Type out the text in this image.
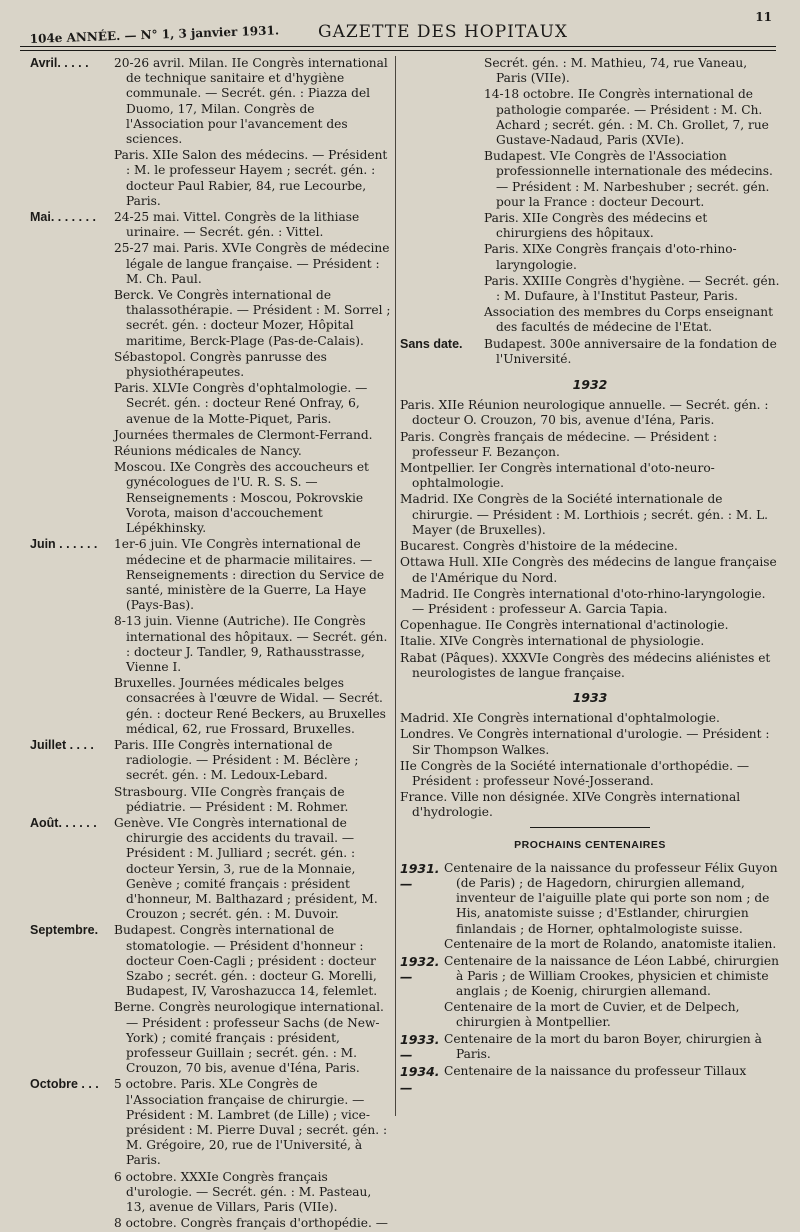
104e ANNÉE. — N° 1, 3 janvier 1931. GAZETTE DES HOPITAUX
11
Avril. . . . .	20-26 avril. Milan. IIe Congrès international de technique sanitaire et d'hygiène communale. — Secrét. gén. : Piazza del Duomo, 17, Milan. Congrès de l'Association pour l'avancement des sciences.
Paris. XIIe Salon des médecins. — Président : M. le professeur Hayem ; secrét. gén. : docteur Paul Rabier, 84, rue Lecourbe, Paris.
Mai. . . . . . .	24-25 mai. Vittel. Congrès de la lithiase urinaire. — Secrét. gén. : Vittel.
25-27 mai. Paris. XVIe Congrès de médecine légale de langue française. — Président : M. Ch. Paul.
Berck. Ve Congrès international de thalassothérapie. — Président : M. Sorrel ; secrét. gén. : docteur Mozer, Hôpital maritime, Berck-Plage (Pas-de-Calais).
Sébastopol. Congrès panrusse des physiothérapeutes.
Paris. XLVIe Congrès d'ophtalmologie. — Secrét. gén. : docteur René Onfray, 6, avenue de la Motte-Piquet, Paris.
Journées thermales de Clermont-Ferrand.
Réunions médicales de Nancy.
Moscou. IXe Congrès des accoucheurs et gynécologues de l'U. R. S. S. — Renseignements : Moscou, Pokrovskie Vorota, maison d'accouchement Lépékhinsky.
Juin . . . . . .	1er-6 juin. VIe Congrès international de médecine et de pharmacie militaires. — Renseignements : direction du Service de santé, ministère de la Guerre, La Haye (Pays-Bas).
8-13 juin. Vienne (Autriche). IIe Congrès international des hôpitaux. — Secrét. gén. : docteur J. Tandler, 9, Rathausstrasse, Vienne I.
Bruxelles. Journées médicales belges consacrées à l'œuvre de Widal. — Secrét. gén. : docteur René Beckers, au Bruxelles médical, 62, rue Frossard, Bruxelles.
Juillet . . . .	Paris. IIIe Congrès international de radiologie. — Président : M. Béclère ; secrét. gén. : M. Ledoux-Lebard.
Strasbourg. VIIe Congrès français de pédiatrie. — Président : M. Rohmer.
Août. . . . . .	Genève. VIe Congrès international de chirurgie des accidents du travail. — Président : M. Julliard ; secrét. gén. : docteur Yersin, 3, rue de la Monnaie, Genève ; comité français : président d'honneur, M. Balthazard ; président, M. Crouzon ; secrét. gén. : M. Duvoir.
Septembre.	Budapest. Congrès international de stomatologie. — Président d'honneur : docteur Coen-Cagli ; président : docteur Szabo ; secrét. gén. : docteur G. Morelli, Budapest, IV, Varoshazucca 14, felemlet.
Berne. Congrès neurologique international. — Président : professeur Sachs (de New-York) ; comité français : président, professeur Guillain ; secrét. gén. : M. Crouzon, 70 bis, avenue d'Iéna, Paris.
Octobre . . .	5 octobre. Paris. XLe Congrès de l'Association française de chirurgie. — Président : M. Lambret (de Lille) ; vice-président : M. Pierre Duval ; secrét. gén. : M. Grégoire, 20, rue de l'Université, à Paris.
6 octobre. XXXIe Congrès français d'urologie. — Secrét. gén. : M. Pasteau, 13, avenue de Villars, Paris (VIIe).
8 octobre. Congrès français d'orthopédie. —
Secrét. gén. : M. Mathieu, 74, rue Vaneau, Paris (VIIe).
14-18 octobre. IIe Congrès international de pathologie comparée. — Président : M. Ch. Achard ; secrét. gén. : M. Ch. Grollet, 7, rue Gustave-Nadaud, Paris (XVIe).
Budapest. VIe Congrès de l'Association professionnelle internationale des médecins. — Président : M. Narbeshuber ; secrét. gén. pour la France : docteur Decourt.
Paris. XIIe Congrès des médecins et chirurgiens des hôpitaux.
Paris. XIXe Congrès français d'oto-rhino-laryngologie.
Paris. XXIIIe Congrès d'hygiène. — Secrét. gén. : M. Dufaure, à l'Institut Pasteur, Paris.
Association des membres du Corps enseignant des facultés de médecine de l'Etat.
Sans date.	Budapest. 300e anniversaire de la fondation de l'Université.
1932
Paris. XIIe Réunion neurologique annuelle. — Secrét. gén. : docteur O. Crouzon, 70 bis, avenue d'Iéna, Paris.
Paris. Congrès français de médecine. — Président : professeur F. Bezançon.
Montpellier. Ier Congrès international d'oto-neuro-ophtalmologie.
Madrid. IXe Congrès de la Société internationale de chirurgie. — Président : M. Lorthiois ; secrét. gén. : M. L. Mayer (de Bruxelles).
Bucarest. Congrès d'histoire de la médecine.
Ottawa Hull. XIIe Congrès des médecins de langue française de l'Amérique du Nord.
Madrid. IIe Congrès international d'oto-rhino-laryngologie. — Président : professeur A. Garcia Tapia.
Copenhague. IIe Congrès international d'actinologie.
Italie. XIVe Congrès international de physiologie.
Rabat (Pâques). XXXVIe Congrès des médecins aliénistes et neurologistes de langue française.
1933
Madrid. XIe Congrès international d'ophtalmologie.
Londres. Ve Congrès international d'urologie. — Président : Sir Thompson Walkes.
IIe Congrès de la Société internationale d'orthopédie. — Président : professeur Nové-Josserand.
France. Ville non désignée. XIVe Congrès international d'hydrologie.
PROCHAINS CENTENAIRES
1931. —
Centenaire de la naissance du professeur Félix Guyon (de Paris) ; de Hagedorn, chirurgien allemand, inventeur de l'aiguille plate qui porte son nom ; de His, anatomiste suisse ; d'Estlander, chirurgien finlandais ; de Horner, ophtalmologiste suisse.
Centenaire de la mort de Rolando, anatomiste italien.
1932. —
Centenaire de la naissance de Léon Labbé, chirurgien à Paris ; de William Crookes, physicien et chimiste anglais ; de Koenig, chirurgien allemand.
Centenaire de la mort de Cuvier, et de Delpech, chirurgien à Montpellier.
1933. —
Centenaire de la mort du baron Boyer, chirurgien à Paris.
1934. —
Centenaire de la naissance du professeur Tillaux
